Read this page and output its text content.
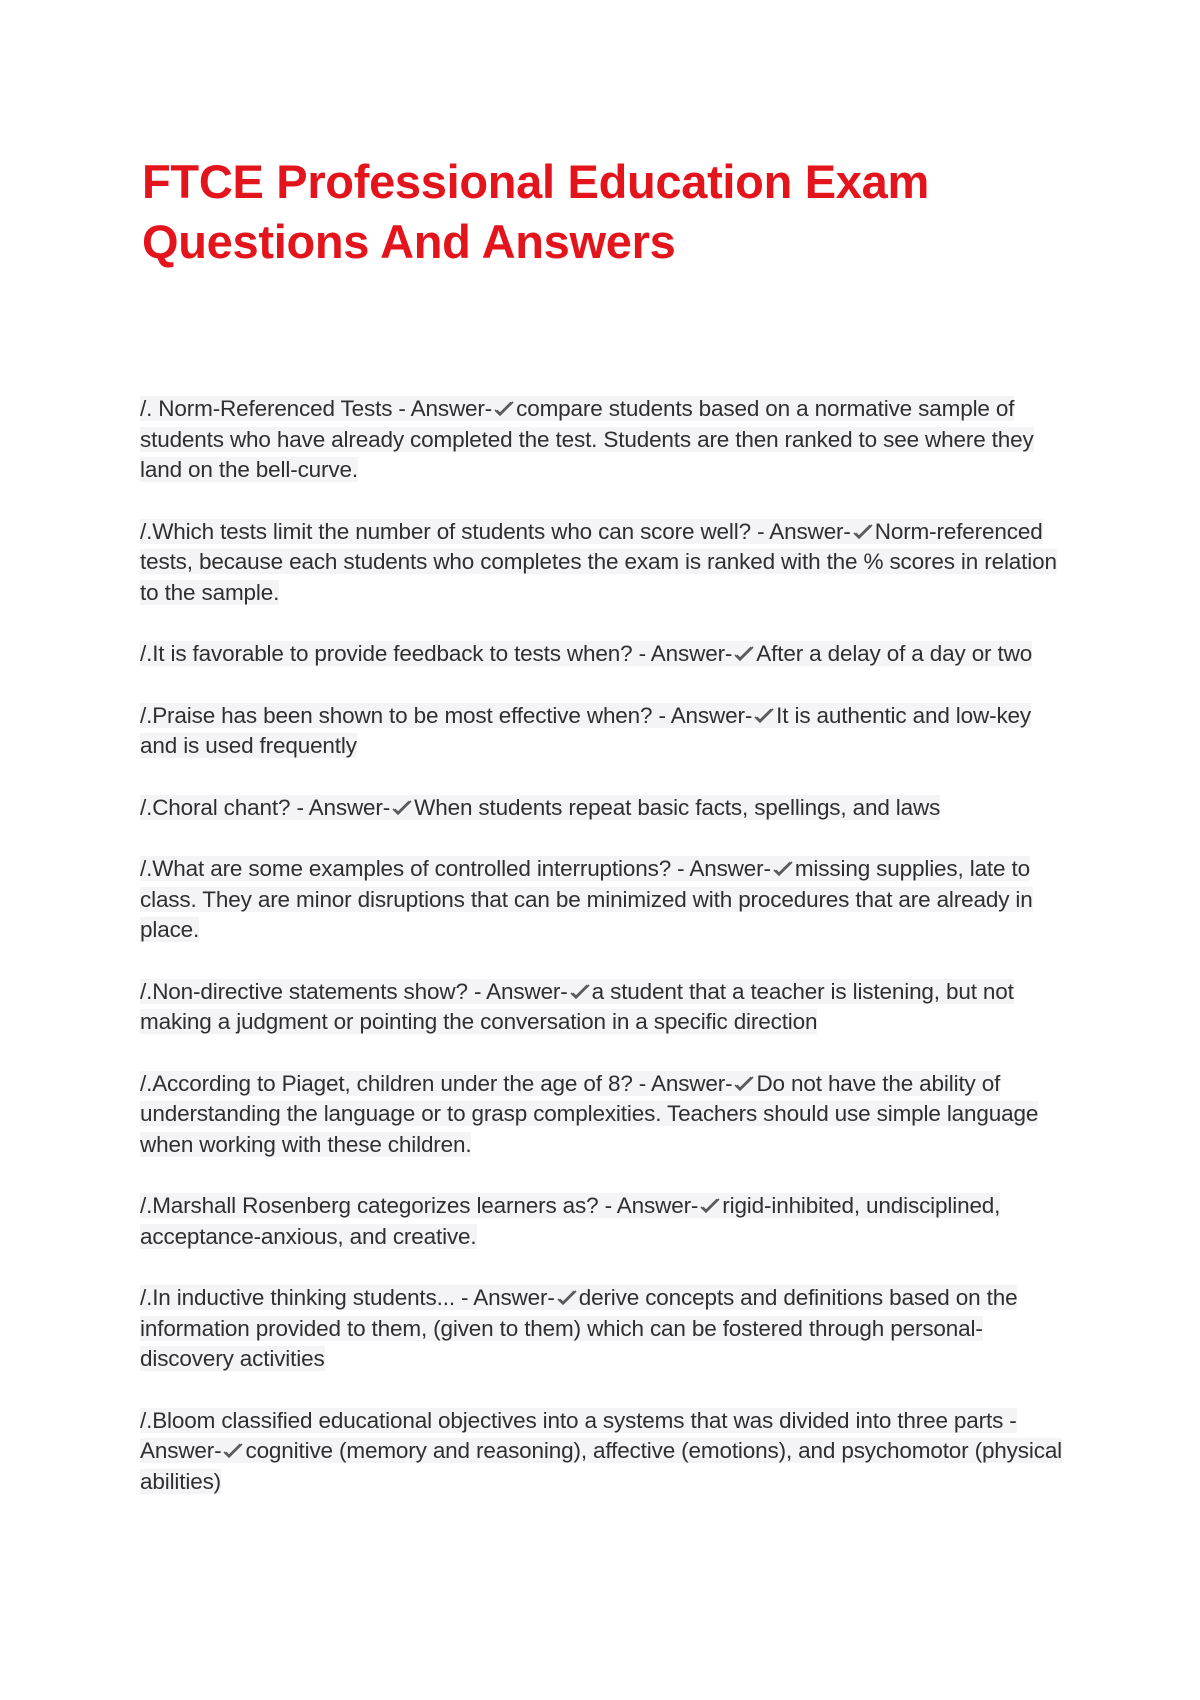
FTCE Professional Education Exam
Questions And Answers

/. Norm-Referenced Tests - Answer- compare students based on a normative sample of students who have already completed the test. Students are then ranked to see where they land on the bell-curve.

/.Which tests limit the number of students who can score well? - Answer- Norm-referenced tests, because each students who completes the exam is ranked with the % scores in relation to the sample.

/.It is favorable to provide feedback to tests when? - Answer- After a delay of a day or two

/.Praise has been shown to be most effective when? - Answer- It is authentic and low-key and is used frequently

/.Choral chant? - Answer- When students repeat basic facts, spellings, and laws

/.What are some examples of controlled interruptions? - Answer- missing supplies, late to class. They are minor disruptions that can be minimized with procedures that are already in place.

/.Non-directive statements show? - Answer- a student that a teacher is listening, but not making a judgment or pointing the conversation in a specific direction

/.According to Piaget, children under the age of 8? - Answer- Do not have the ability of understanding the language or to grasp complexities. Teachers should use simple language when working with these children.

/.Marshall Rosenberg categorizes learners as? - Answer- rigid-inhibited, undisciplined, acceptance-anxious, and creative.

/.In inductive thinking students... - Answer- derive concepts and definitions based on the information provided to them, (given to them) which can be fostered through personal-discovery activities

/.Bloom classified educational objectives into a systems that was divided into three parts - Answer- cognitive (memory and reasoning), affective (emotions), and psychomotor (physical abilities)
